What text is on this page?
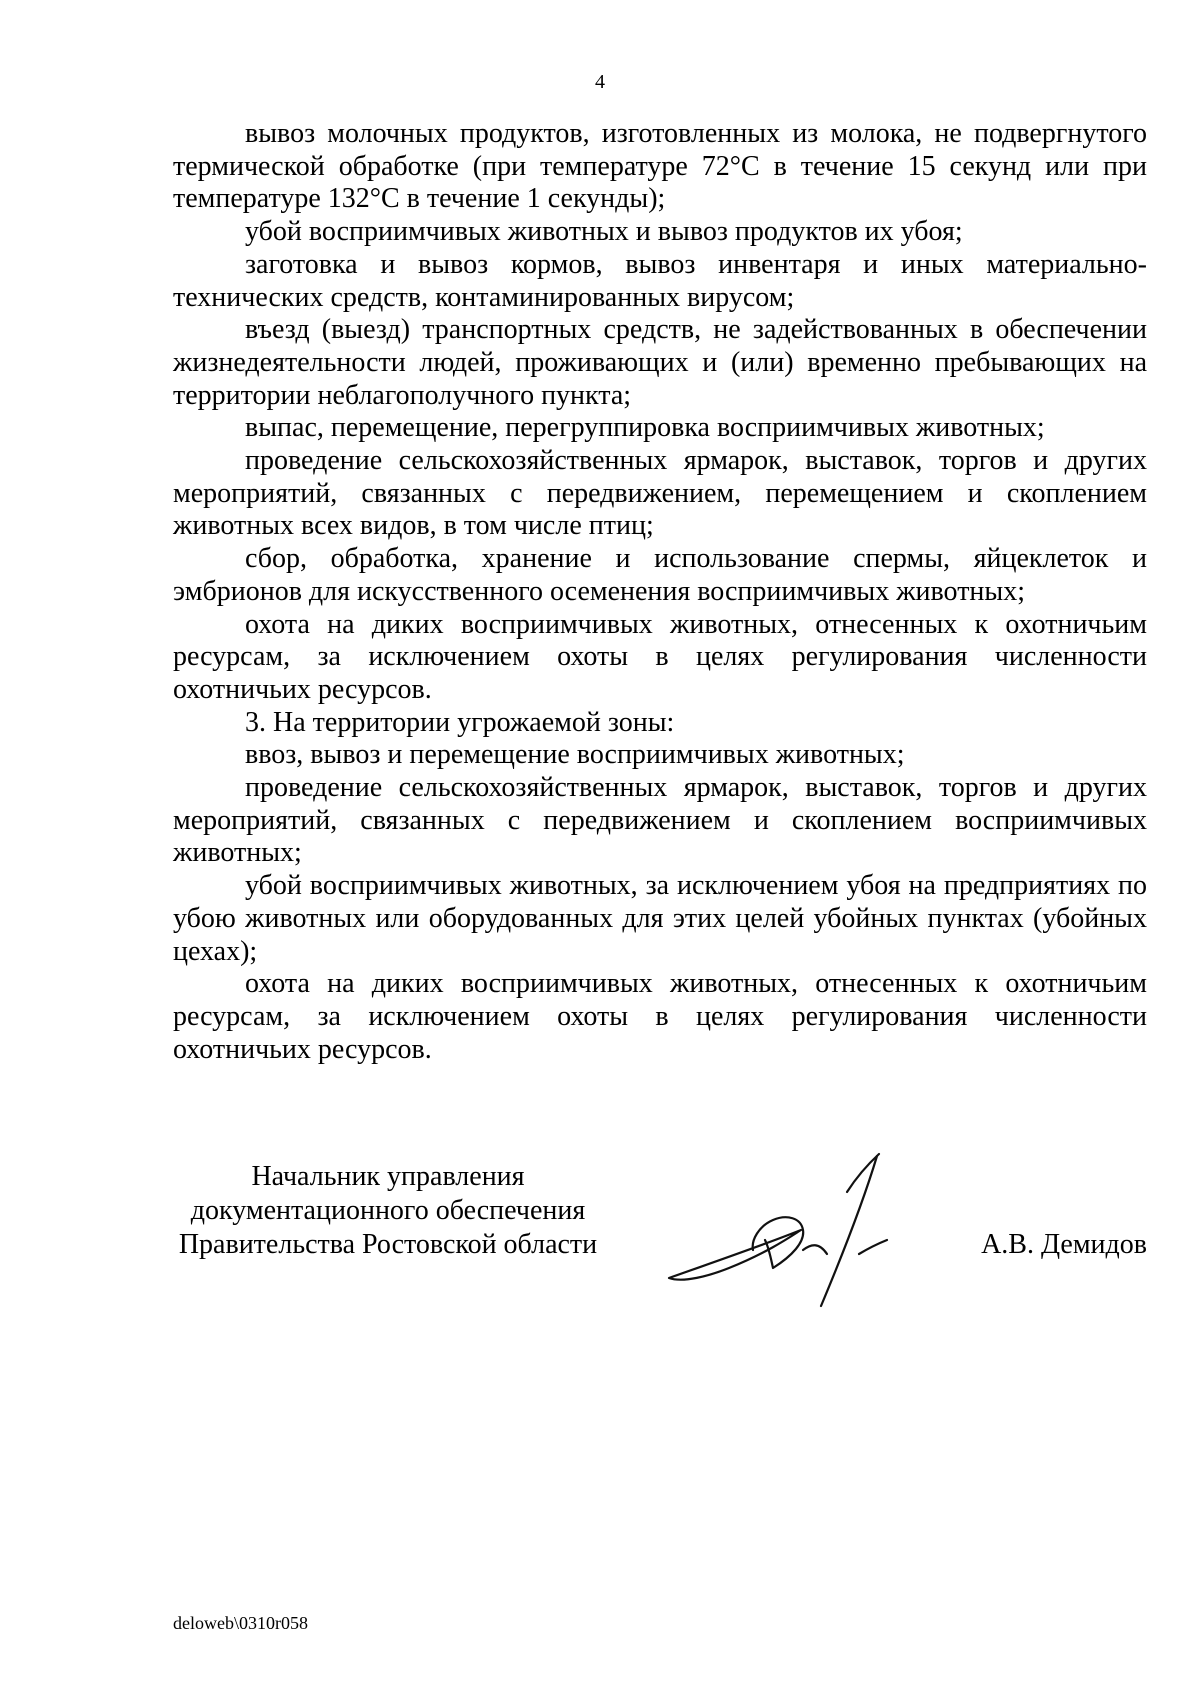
4

вывоз молочных продуктов, изготовленных из молока, не подвергнутого термической обработке (при температуре 72°С в течение 15 секунд или при температуре 132°С в течение 1 секунды);

убой восприимчивых животных и вывоз продуктов их убоя;

заготовка и вывоз кормов, вывоз инвентаря и иных материально-технических средств, контаминированных вирусом;

въезд (выезд) транспортных средств, не задействованных в обеспечении жизнедеятельности людей, проживающих и (или) временно пребывающих на территории неблагополучного пункта;

выпас, перемещение, перегруппировка восприимчивых животных;

проведение сельскохозяйственных ярмарок, выставок, торгов и других мероприятий, связанных с передвижением, перемещением и скоплением животных всех видов, в том числе птиц;

сбор, обработка, хранение и использование спермы, яйцеклеток и эмбрионов для искусственного осеменения восприимчивых животных;

охота на диких восприимчивых животных, отнесенных к охотничьим ресурсам, за исключением охоты в целях регулирования численности охотничьих ресурсов.

3. На территории угрожаемой зоны:

ввоз, вывоз и перемещение восприимчивых животных;

проведение сельскохозяйственных ярмарок, выставок, торгов и других мероприятий, связанных с передвижением и скоплением восприимчивых животных;

убой восприимчивых животных, за исключением убоя на предприятиях по убою животных или оборудованных для этих целей убойных пунктах (убойных цехах);

охота на диких восприимчивых животных, отнесенных к охотничьим ресурсам, за исключением охоты в целях регулирования численности охотничьих ресурсов.

Начальник управления
документационного обеспечения
Правительства Ростовской области	А.В. Демидов
deloweb\0310r058
